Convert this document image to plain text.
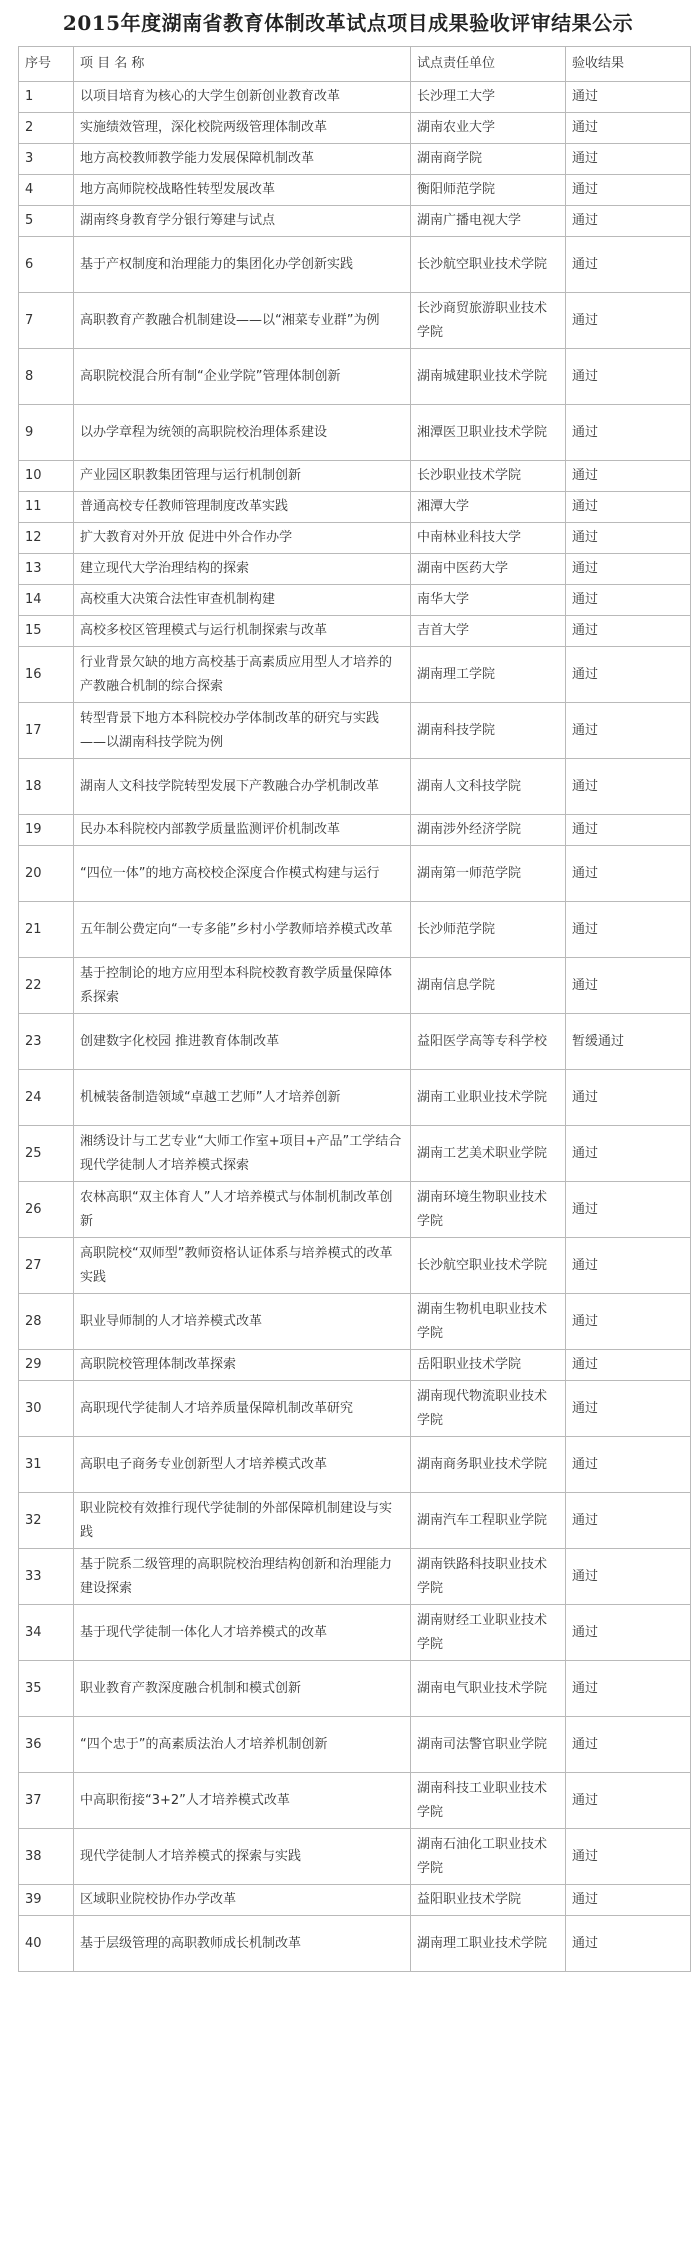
2015年度湖南省教育体制改革试点项目成果验收评审结果公示
序号	项 目 名 称	试点责任单位	验收结果
1	以项目培育为核心的大学生创新创业教育改革	长沙理工大学	通过
2	实施绩效管理，深化校院两级管理体制改革	湖南农业大学	通过
3	地方高校教师教学能力发展保障机制改革	湖南商学院	通过
4	地方高师院校战略性转型发展改革	衡阳师范学院	通过
5	湖南终身教育学分银行筹建与试点	湖南广播电视大学	通过
6	基于产权制度和治理能力的集团化办学创新实践	长沙航空职业技术学院	通过
7	高职教育产教融合机制建设——以“湘菜专业群”为例	长沙商贸旅游职业技术学院	通过
8	高职院校混合所有制“企业学院”管理体制创新	湖南城建职业技术学院	通过
9	以办学章程为统领的高职院校治理体系建设	湘潭医卫职业技术学院	通过
10	产业园区职教集团管理与运行机制创新	长沙职业技术学院	通过
11	普通高校专任教师管理制度改革实践	湘潭大学	通过
12	扩大教育对外开放 促进中外合作办学	中南林业科技大学	通过
13	建立现代大学治理结构的探索	湖南中医药大学	通过
14	高校重大决策合法性审查机制构建	南华大学	通过
15	高校多校区管理模式与运行机制探索与改革	吉首大学	通过
16	行业背景欠缺的地方高校基于高素质应用型人才培养的产教融合机制的综合探索	湖南理工学院	通过
17	转型背景下地方本科院校办学体制改革的研究与实践——以湖南科技学院为例	湖南科技学院	通过
18	湖南人文科技学院转型发展下产教融合办学机制改革	湖南人文科技学院	通过
19	民办本科院校内部教学质量监测评价机制改革	湖南涉外经济学院	通过
20	“四位一体”的地方高校校企深度合作模式构建与运行	湖南第一师范学院	通过
21	五年制公费定向“一专多能”乡村小学教师培养模式改革	长沙师范学院	通过
22	基于控制论的地方应用型本科院校教育教学质量保障体系探索	湖南信息学院	通过
23	创建数字化校园 推进教育体制改革	益阳医学高等专科学校	暂缓通过
24	机械装备制造领域“卓越工艺师”人才培养创新	湖南工业职业技术学院	通过
25	湘绣设计与工艺专业“大师工作室+项目+产品”工学结合现代学徒制人才培养模式探索	湖南工艺美术职业学院	通过
26	农林高职“双主体育人”人才培养模式与体制机制改革创新	湖南环境生物职业技术学院	通过
27	高职院校“双师型”教师资格认证体系与培养模式的改革实践	长沙航空职业技术学院	通过
28	职业导师制的人才培养模式改革	湖南生物机电职业技术学院	通过
29	高职院校管理体制改革探索	岳阳职业技术学院	通过
30	高职现代学徒制人才培养质量保障机制改革研究	湖南现代物流职业技术学院	通过
31	高职电子商务专业创新型人才培养模式改革	湖南商务职业技术学院	通过
32	职业院校有效推行现代学徒制的外部保障机制建设与实践	湖南汽车工程职业学院	通过
33	基于院系二级管理的高职院校治理结构创新和治理能力建设探索	湖南铁路科技职业技术学院	通过
34	基于现代学徒制一体化人才培养模式的改革	湖南财经工业职业技术学院	通过
35	职业教育产教深度融合机制和模式创新	湖南电气职业技术学院	通过
36	“四个忠于”的高素质法治人才培养机制创新	湖南司法警官职业学院	通过
37	中高职衔接“3+2”人才培养模式改革	湖南科技工业职业技术学院	通过
38	现代学徒制人才培养模式的探索与实践	湖南石油化工职业技术学院	通过
39	区域职业院校协作办学改革	益阳职业技术学院	通过
40	基于层级管理的高职教师成长机制改革	湖南理工职业技术学院	通过
